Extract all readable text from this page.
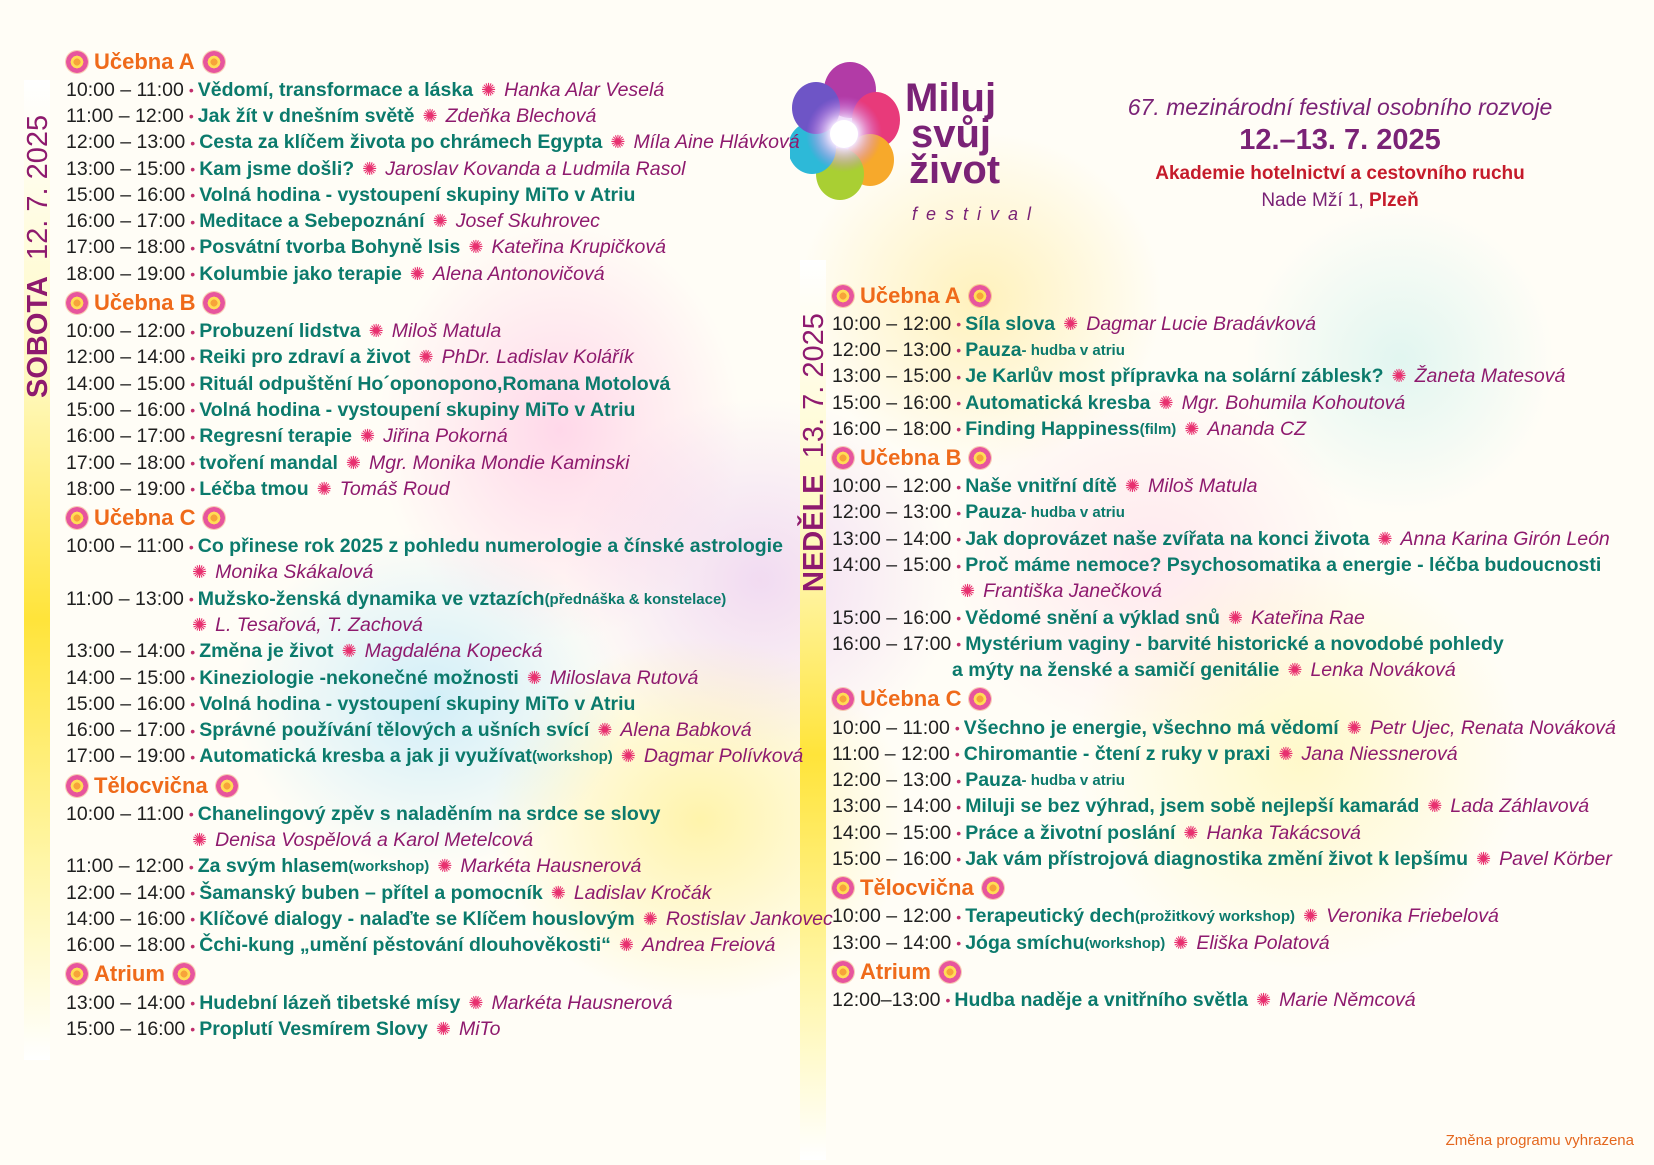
SOBOTA  12. 7. 2025
NEDĚLE  13. 7. 2025
Miluj
svůj
život
festival
67. mezinárodní festival osobního rozvoje
12.–13. 7. 2025
Akademie hotelnictví a cestovního ruchu
Nade Mží 1, Plzeň
Učebna A
10:00 – 11:00 • Vědomí, transformace a láska ✺ Hanka Alar Veselá
11:00 – 12:00 • Jak žít v dnešním světě ✺ Zdeňka Blechová
12:00 – 13:00 • Cesta za klíčem života po chrámech Egypta ✺ Míla Aine Hlávková
13:00 – 15:00 • Kam jsme došli? ✺ Jaroslav Kovanda a Ludmila Rasol
15:00 – 16:00 • Volná hodina - vystoupení skupiny MiTo v Atriu
16:00 – 17:00 • Meditace a Sebepoznání ✺ Josef Skuhrovec
17:00 – 18:00 • Posvátní tvorba Bohyně Isis ✺ Kateřina Krupičková
18:00 – 19:00 • Kolumbie jako terapie ✺ Alena Antonovičová
Učebna B
10:00 – 12:00 • Probuzení lidstva ✺ Miloš Matula
12:00 – 14:00 • Reiki pro zdraví a život ✺ PhDr. Ladislav Kolářík
14:00 – 15:00 • Rituál odpuštění Ho´oponopono,Romana Motolová
15:00 – 16:00 • Volná hodina - vystoupení skupiny MiTo v Atriu
16:00 – 17:00 • Regresní terapie ✺ Jiřina Pokorná
17:00 – 18:00 • tvoření mandal ✺ Mgr. Monika Mondie Kaminski
18:00 – 19:00 • Léčba tmou ✺ Tomáš Roud
Učebna C
10:00 – 11:00 • Co přinese rok 2025 z pohledu numerologie a čínské astrologie
✺ Monika Skákalová
11:00 – 13:00 • Mužsko-ženská dynamika ve vztazích (přednáška & konstelace)
✺ L. Tesařová, T. Zachová
13:00 – 14:00 • Změna je život ✺ Magdaléna Kopecká
14:00 – 15:00 • Kineziologie -nekonečné možnosti ✺ Miloslava Rutová
15:00 – 16:00 • Volná hodina - vystoupení skupiny MiTo v Atriu
16:00 – 17:00 • Správné používání tělových a ušních svící ✺ Alena Babková
17:00 – 19:00 • Automatická kresba a jak ji využívat (workshop) ✺ Dagmar Polívková
Tělocvična
10:00 – 11:00 • Chanelingový zpěv s naladěním na srdce se slovy
✺ Denisa Vospělová a Karol Metelcová
11:00 – 12:00 • Za svým hlasem (workshop) ✺ Markéta Hausnerová
12:00 – 14:00 • Šamanský buben – přítel a pomocník ✺ Ladislav Kročák
14:00 – 16:00 • Klíčové dialogy - nalaďte se Klíčem houslovým ✺ Rostislav Jankovec
16:00 – 18:00 • Čchi-kung „umění pěstování dlouhověkosti“ ✺ Andrea Freiová
Atrium
13:00 – 14:00 • Hudební lázeň tibetské mísy ✺ Markéta Hausnerová
15:00 – 16:00 • Proplutí Vesmírem Slovy ✺ MiTo
Učebna A
10:00 – 12:00 • Síla slova ✺ Dagmar Lucie Bradávková
12:00 – 13:00 • Pauza - hudba v atriu
13:00 – 15:00 • Je Karlův most přípravka na solární záblesk? ✺ Žaneta Matesová
15:00 – 16:00 • Automatická kresba ✺ Mgr. Bohumila Kohoutová
16:00 – 18:00 • Finding Happiness (film) ✺ Ananda CZ
Učebna B
10:00 – 12:00 • Naše vnitřní dítě ✺ Miloš Matula
12:00 – 13:00 • Pauza - hudba v atriu
13:00 – 14:00 • Jak doprovázet naše zvířata na konci života ✺ Anna Karina Girón León
14:00 – 15:00 • Proč máme nemoce? Psychosomatika a energie - léčba budoucnosti
✺ Františka Janečková
15:00 – 16:00 • Vědomé snění a výklad snů ✺ Kateřina Rae
16:00 – 17:00 • Mystérium vaginy - barvité historické a novodobé pohledy
a mýty na ženské a samičí genitálie ✺ Lenka Nováková
Učebna C
10:00 – 11:00 • Všechno je energie, všechno má vědomí ✺ Petr Ujec, Renata Nováková
11:00 – 12:00 • Chiromantie - čtení z ruky v praxi ✺ Jana Niessnerová
12:00 – 13:00 • Pauza - hudba v atriu
13:00 – 14:00 • Miluji se bez výhrad, jsem sobě nejlepší kamarád ✺ Lada Záhlavová
14:00 – 15:00 • Práce a životní poslání ✺ Hanka Takácsová
15:00 – 16:00 • Jak vám přístrojová diagnostika změní život k lepšímu ✺ Pavel Körber
Tělocvična
10:00 – 12:00 • Terapeutický dech (prožitkový workshop) ✺ Veronika Friebelová
13:00 – 14:00 • Jóga smíchu (workshop) ✺ Eliška Polatová
Atrium
12:00–13:00 • Hudba naděje a vnitřního světla ✺ Marie Němcová
Změna programu vyhrazena
